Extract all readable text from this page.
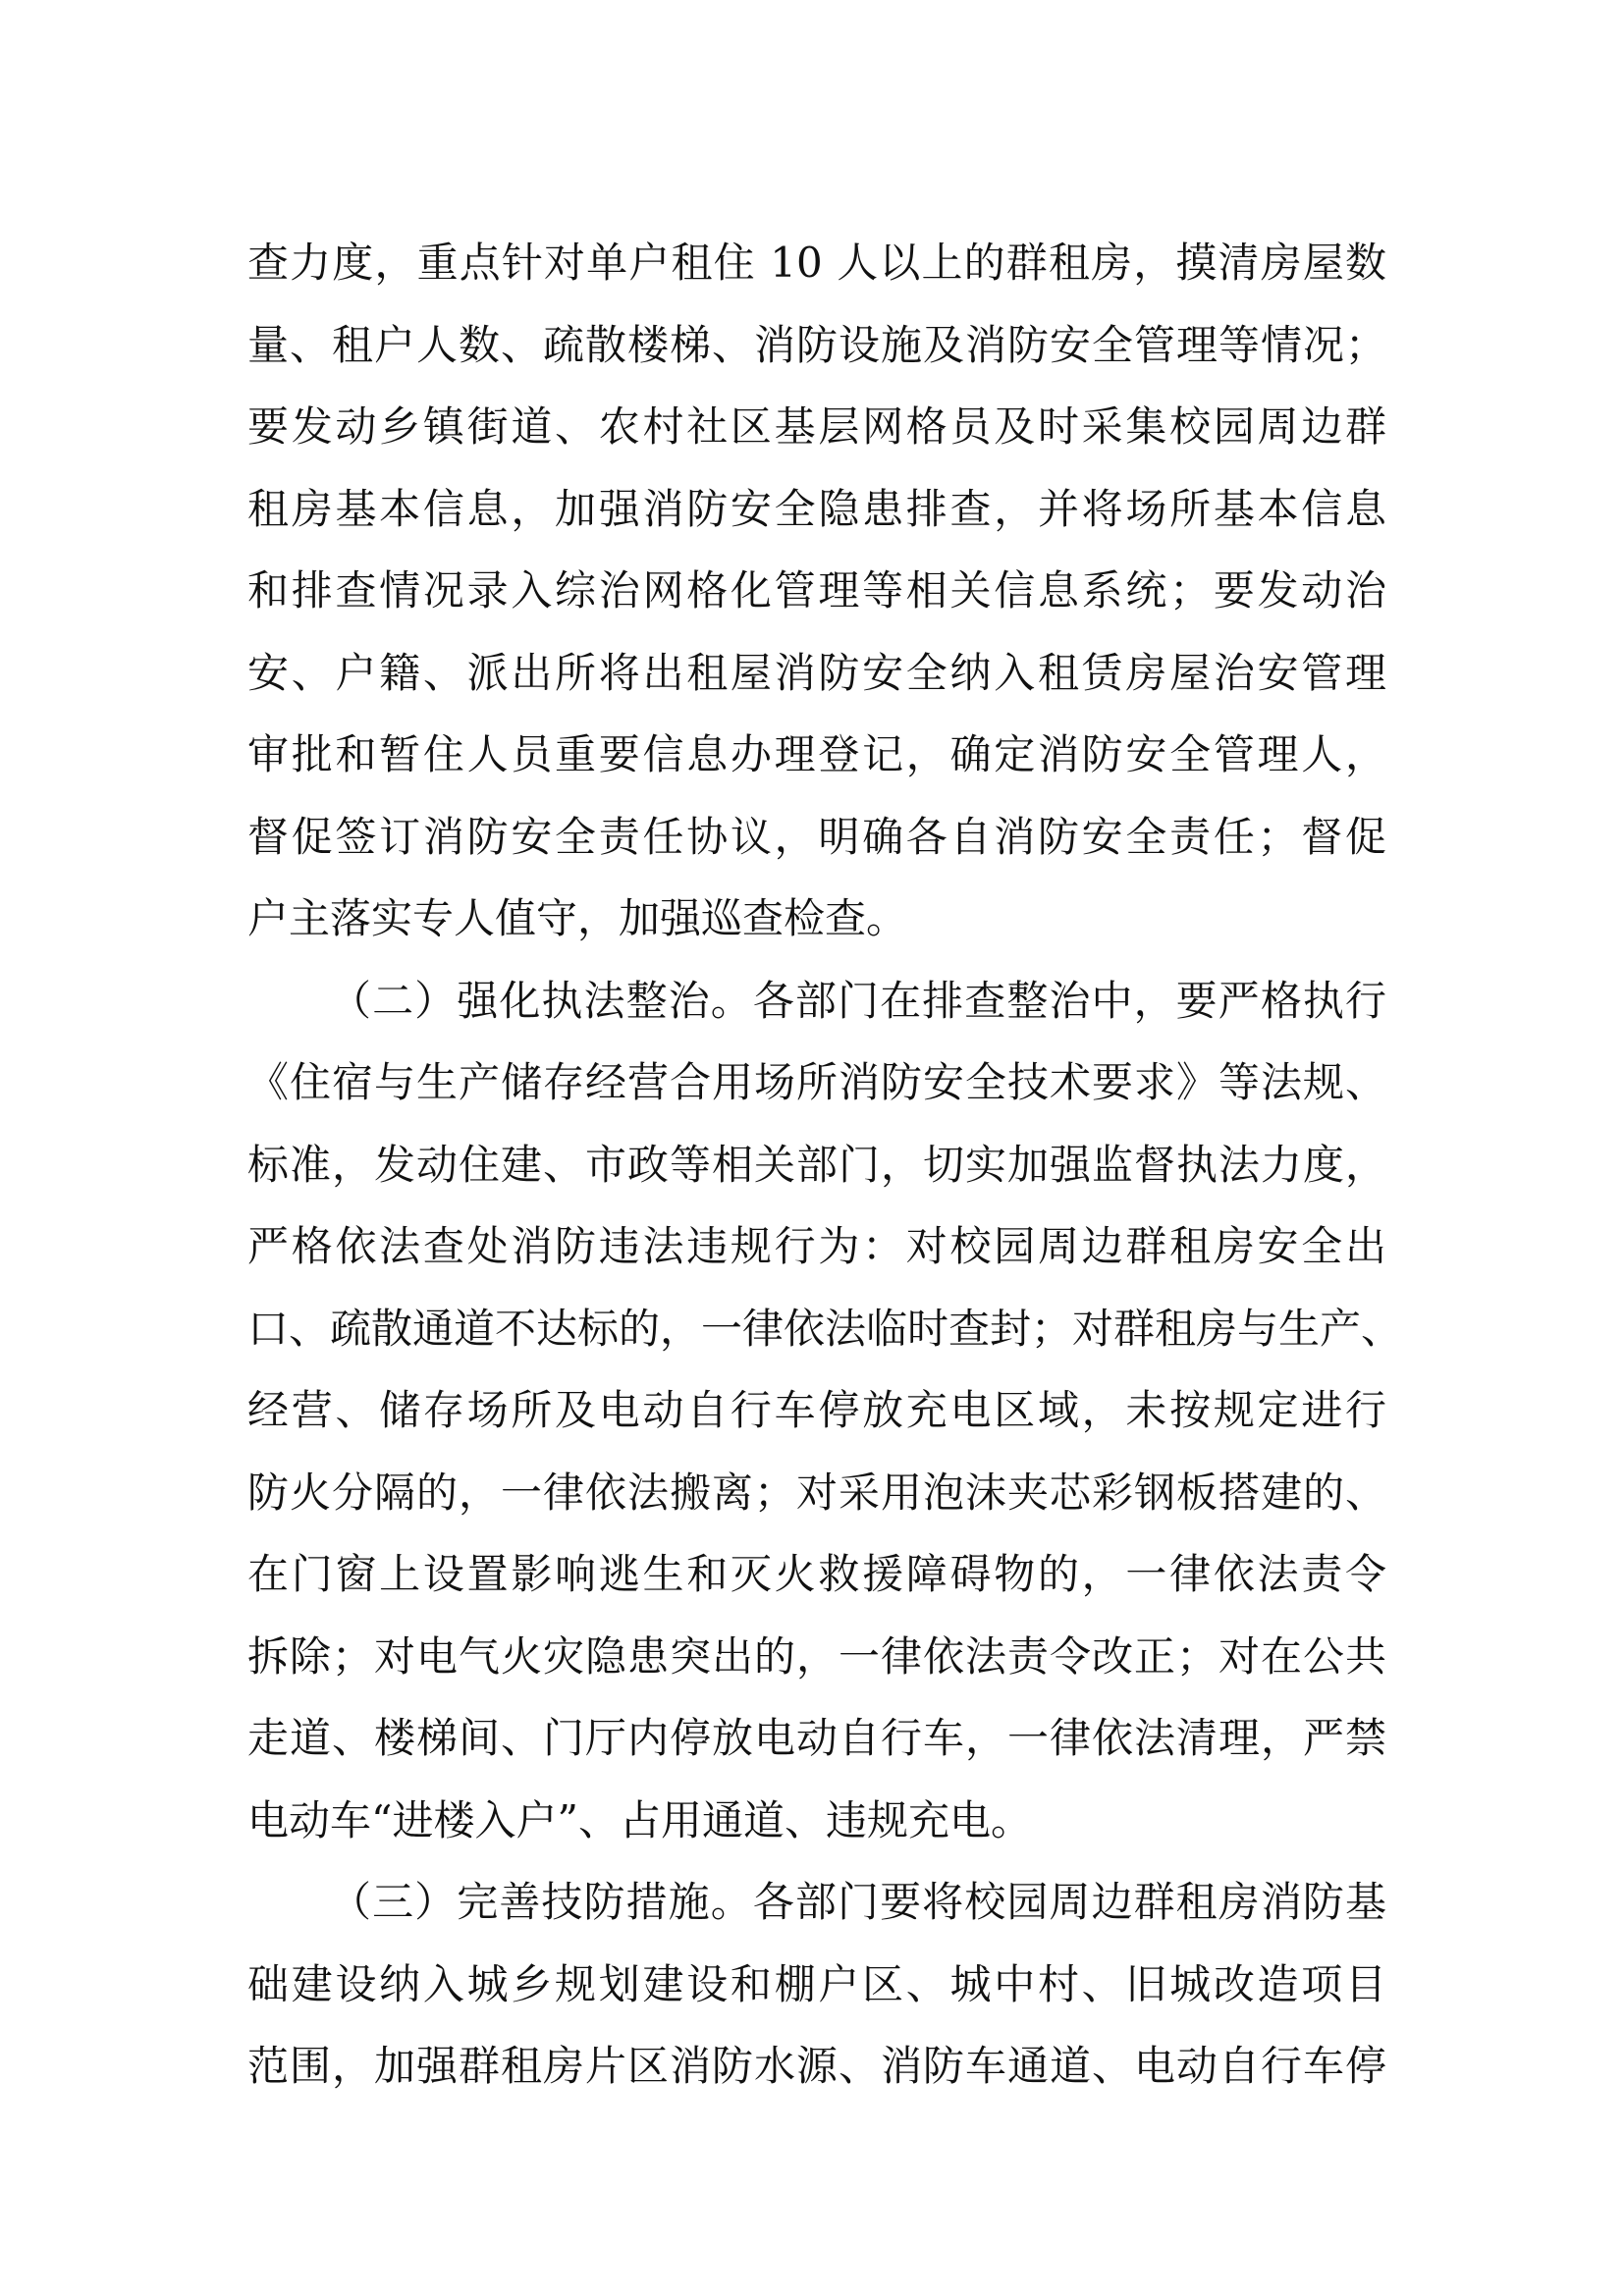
查力度，重点针对单户租住 10 人以上的群租房，摸清房屋数
量、租户人数、疏散楼梯、消防设施及消防安全管理等情况；
要发动乡镇街道、农村社区基层网格员及时采集校园周边群
租房基本信息，加强消防安全隐患排查，并将场所基本信息
和排查情况录入综治网格化管理等相关信息系统；要发动治
安、户籍、派出所将出租屋消防安全纳入租赁房屋治安管理
审批和暂住人员重要信息办理登记，确定消防安全管理人，
督促签订消防安全责任协议，明确各自消防安全责任；督促
户主落实专人值守，加强巡查检查。
（二）强化执法整治。各部门在排查整治中，要严格执行
《住宿与生产储存经营合用场所消防安全技术要求》等法规、
标准，发动住建、市政等相关部门，切实加强监督执法力度，
严格依法查处消防违法违规行为：对校园周边群租房安全出
口、疏散通道不达标的，一律依法临时查封；对群租房与生产、
经营、储存场所及电动自行车停放充电区域，未按规定进行
防火分隔的，一律依法搬离；对采用泡沫夹芯彩钢板搭建的、
在门窗上设置影响逃生和灭火救援障碍物的，一律依法责令
拆除；对电气火灾隐患突出的，一律依法责令改正；对在公共
走道、楼梯间、门厅内停放电动自行车，一律依法清理，严禁
电动车“进楼入户”、占用通道、违规充电。
（三）完善技防措施。各部门要将校园周边群租房消防基
础建设纳入城乡规划建设和棚户区、城中村、旧城改造项目
范围，加强群租房片区消防水源、消防车通道、电动自行车停
